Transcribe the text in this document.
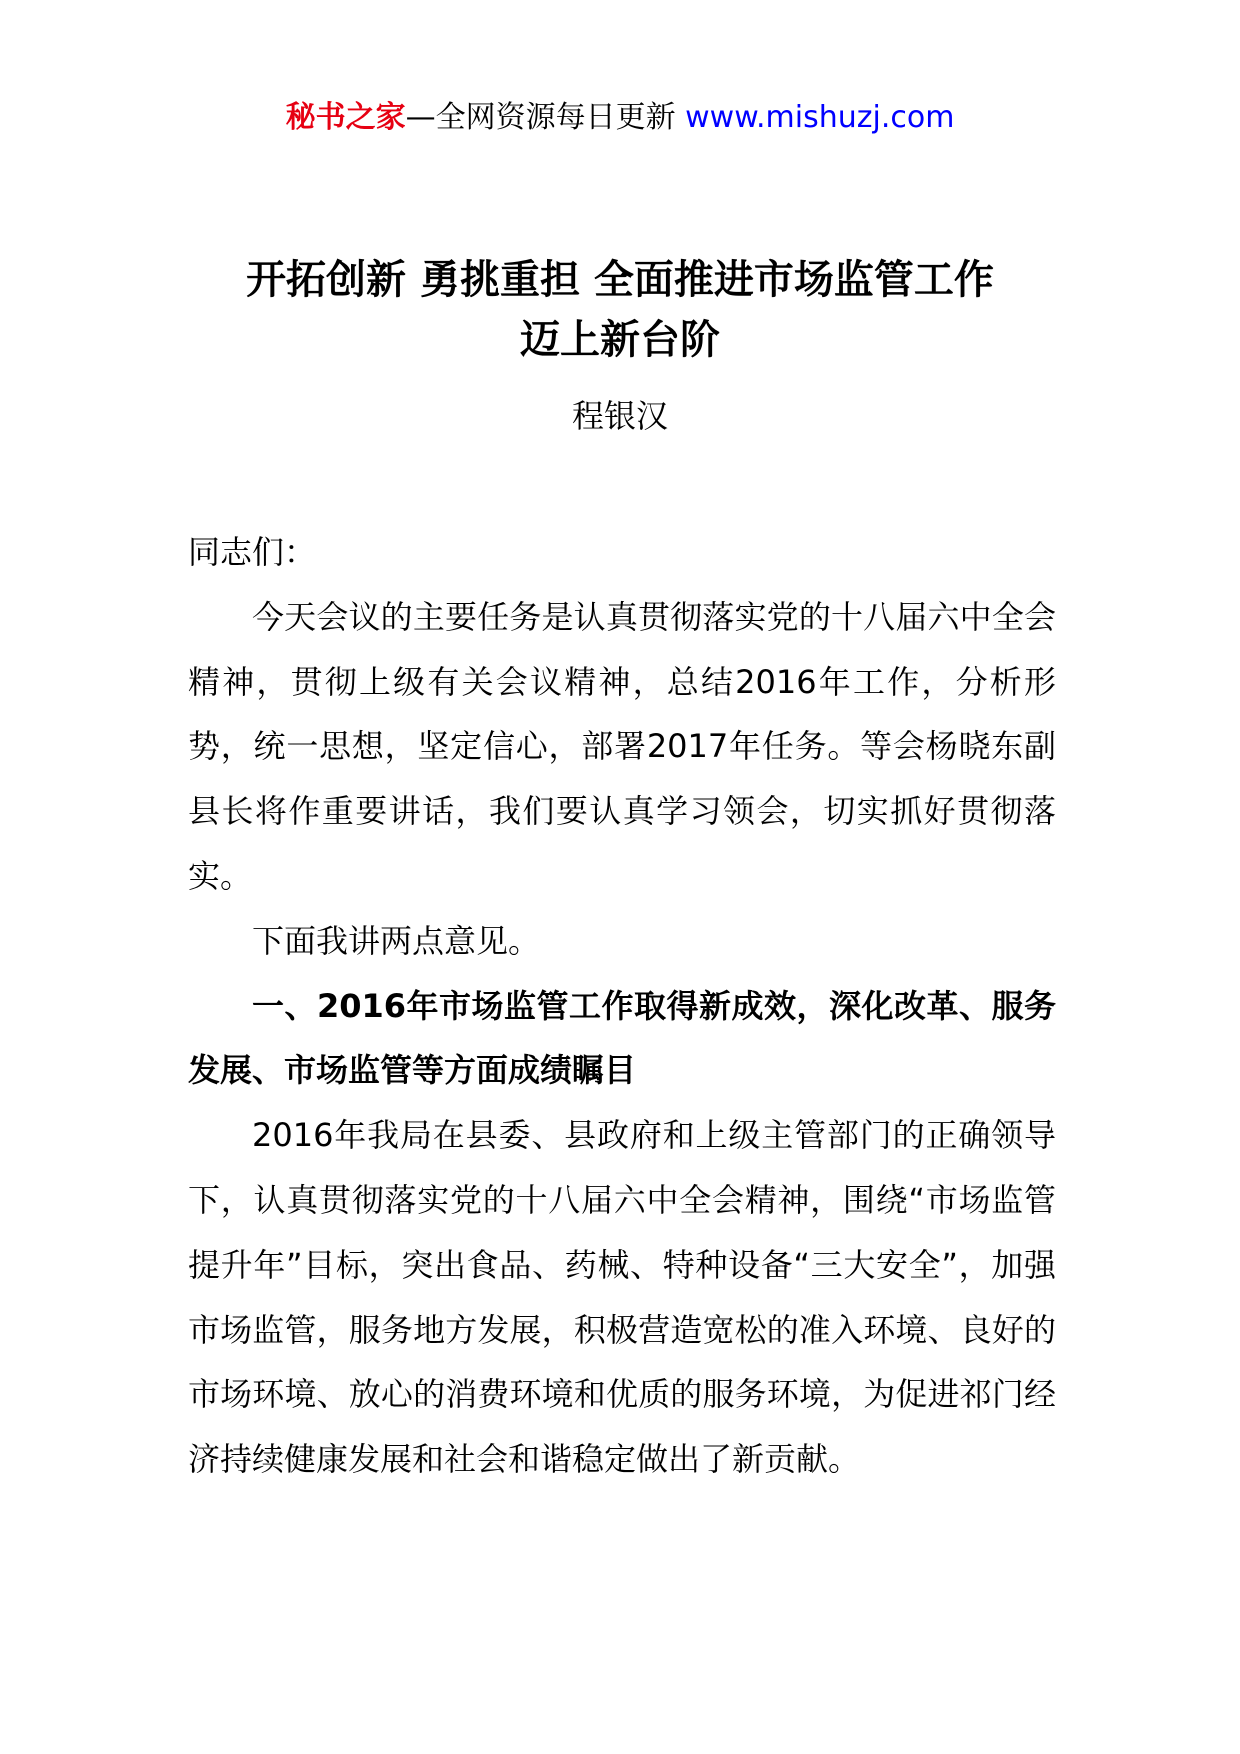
秘书之家—全网资源每日更新 www.mishuzj.com
开拓创新 勇挑重担 全面推进市场监管工作
迈上新台阶
程银汉

同志们：

今天会议的主要任务是认真贯彻落实党的十八届六中全会精神，贯彻上级有关会议精神，总结2016年工作，分析形势，统一思想，坚定信心，部署2017年任务。等会杨晓东副县长将作重要讲话，我们要认真学习领会，切实抓好贯彻落实。

下面我讲两点意见。

一、2016年市场监管工作取得新成效，深化改革、服务发展、市场监管等方面成绩瞩目

2016年我局在县委、县政府和上级主管部门的正确领导下，认真贯彻落实党的十八届六中全会精神，围绕“市场监管提升年”目标，突出食品、药械、特种设备“三大安全”，加强市场监管，服务地方发展，积极营造宽松的准入环境、良好的市场环境、放心的消费环境和优质的服务环境，为促进祁门经济持续健康发展和社会和谐稳定做出了新贡献。
